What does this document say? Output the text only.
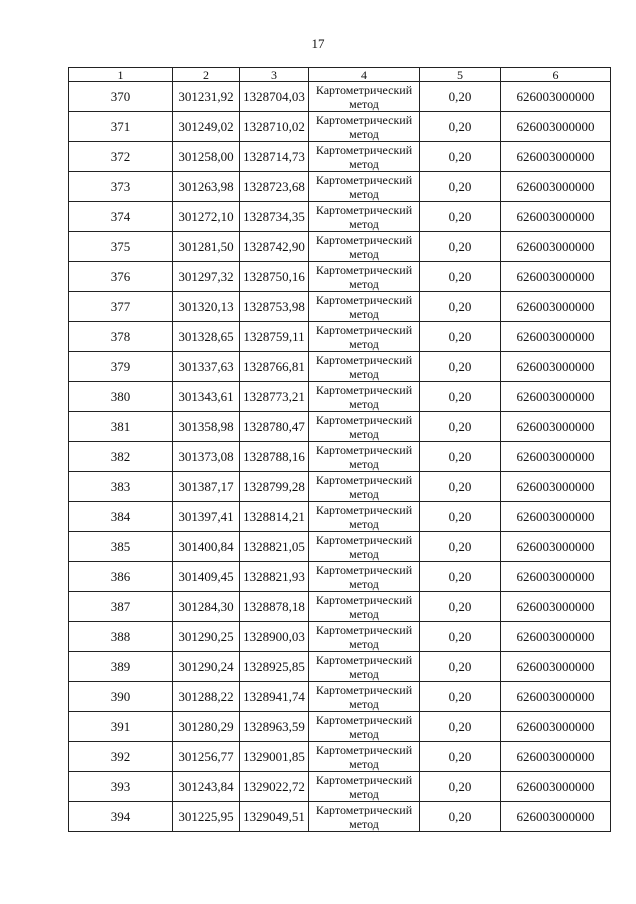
17
1	2	3	4	5	6
370	301231,92	1328704,03	Картометрический метод	0,20	626003000000
371	301249,02	1328710,02	Картометрический метод	0,20	626003000000
372	301258,00	1328714,73	Картометрический метод	0,20	626003000000
373	301263,98	1328723,68	Картометрический метод	0,20	626003000000
374	301272,10	1328734,35	Картометрический метод	0,20	626003000000
375	301281,50	1328742,90	Картометрический метод	0,20	626003000000
376	301297,32	1328750,16	Картометрический метод	0,20	626003000000
377	301320,13	1328753,98	Картометрический метод	0,20	626003000000
378	301328,65	1328759,11	Картометрический метод	0,20	626003000000
379	301337,63	1328766,81	Картометрический метод	0,20	626003000000
380	301343,61	1328773,21	Картометрический метод	0,20	626003000000
381	301358,98	1328780,47	Картометрический метод	0,20	626003000000
382	301373,08	1328788,16	Картометрический метод	0,20	626003000000
383	301387,17	1328799,28	Картометрический метод	0,20	626003000000
384	301397,41	1328814,21	Картометрический метод	0,20	626003000000
385	301400,84	1328821,05	Картометрический метод	0,20	626003000000
386	301409,45	1328821,93	Картометрический метод	0,20	626003000000
387	301284,30	1328878,18	Картометрический метод	0,20	626003000000
388	301290,25	1328900,03	Картометрический метод	0,20	626003000000
389	301290,24	1328925,85	Картометрический метод	0,20	626003000000
390	301288,22	1328941,74	Картометрический метод	0,20	626003000000
391	301280,29	1328963,59	Картометрический метод	0,20	626003000000
392	301256,77	1329001,85	Картометрический метод	0,20	626003000000
393	301243,84	1329022,72	Картометрический метод	0,20	626003000000
394	301225,95	1329049,51	Картометрический метод	0,20	626003000000
